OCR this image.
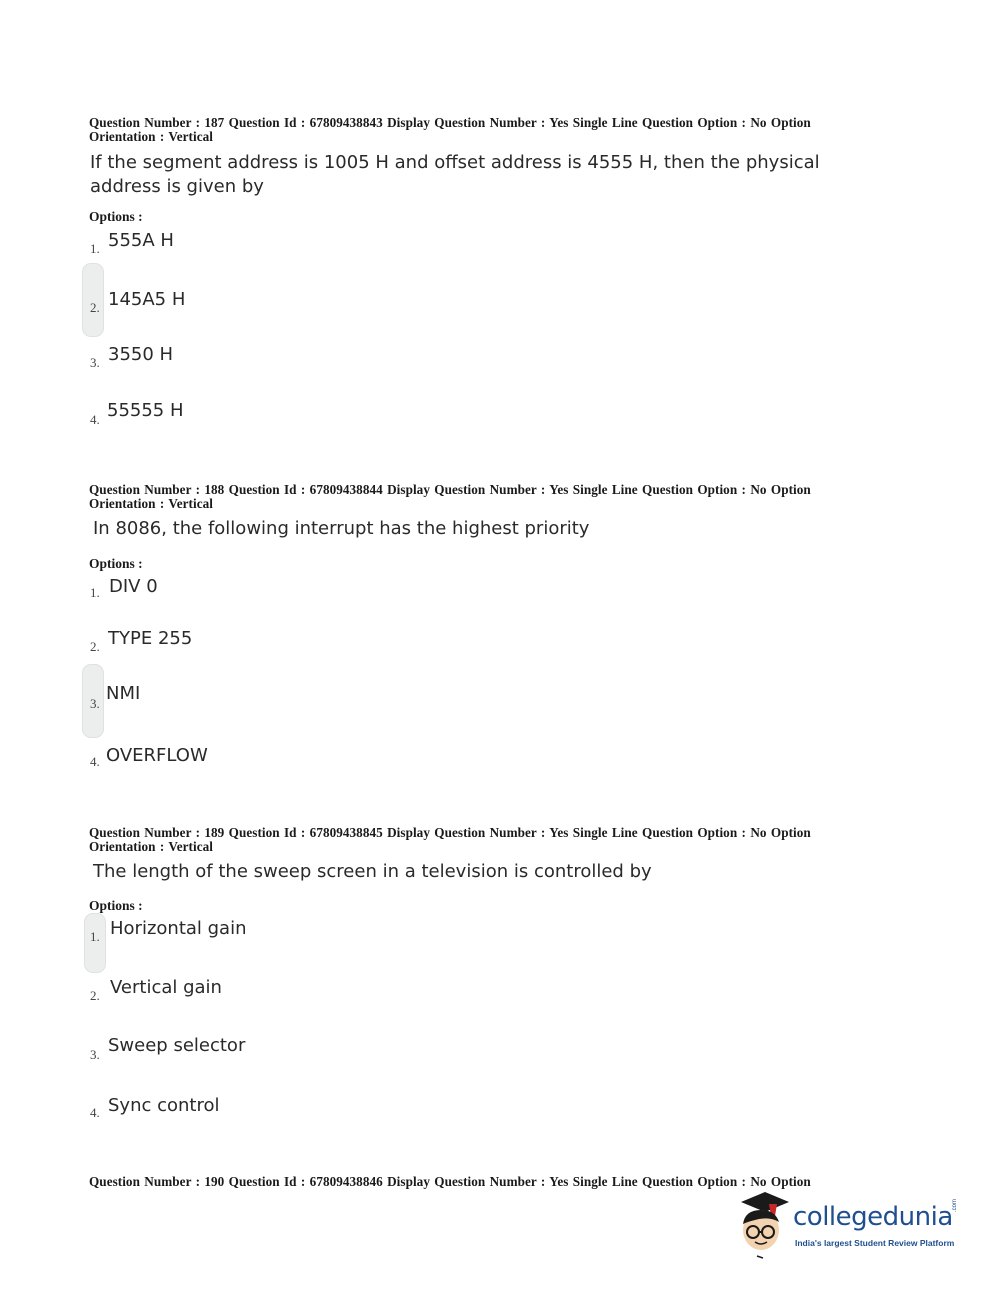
Question Number : 187 Question Id : 67809438843 Display Question Number : Yes Single Line Question Option : No Option
Orientation : Vertical
If the segment address is 1005 H and offset address is 4555 H, then the physical address is given by
Options :
1. 555A H
2. 145A5 H
3. 3550 H
4. 55555 H
Question Number : 188 Question Id : 67809438844 Display Question Number : Yes Single Line Question Option : No Option
Orientation : Vertical
In 8086, the following interrupt has the highest priority
Options :
1. DIV 0
2. TYPE 255
3. NMI
4. OVERFLOW
Question Number : 189 Question Id : 67809438845 Display Question Number : Yes Single Line Question Option : No Option
Orientation : Vertical
The length of the sweep screen in a television is controlled by
Options :
1. Horizontal gain
2. Vertical gain
3. Sweep selector
4. Sync control
Question Number : 190 Question Id : 67809438846 Display Question Number : Yes Single Line Question Option : No Option
collegedunia .com
India's largest Student Review Platform
